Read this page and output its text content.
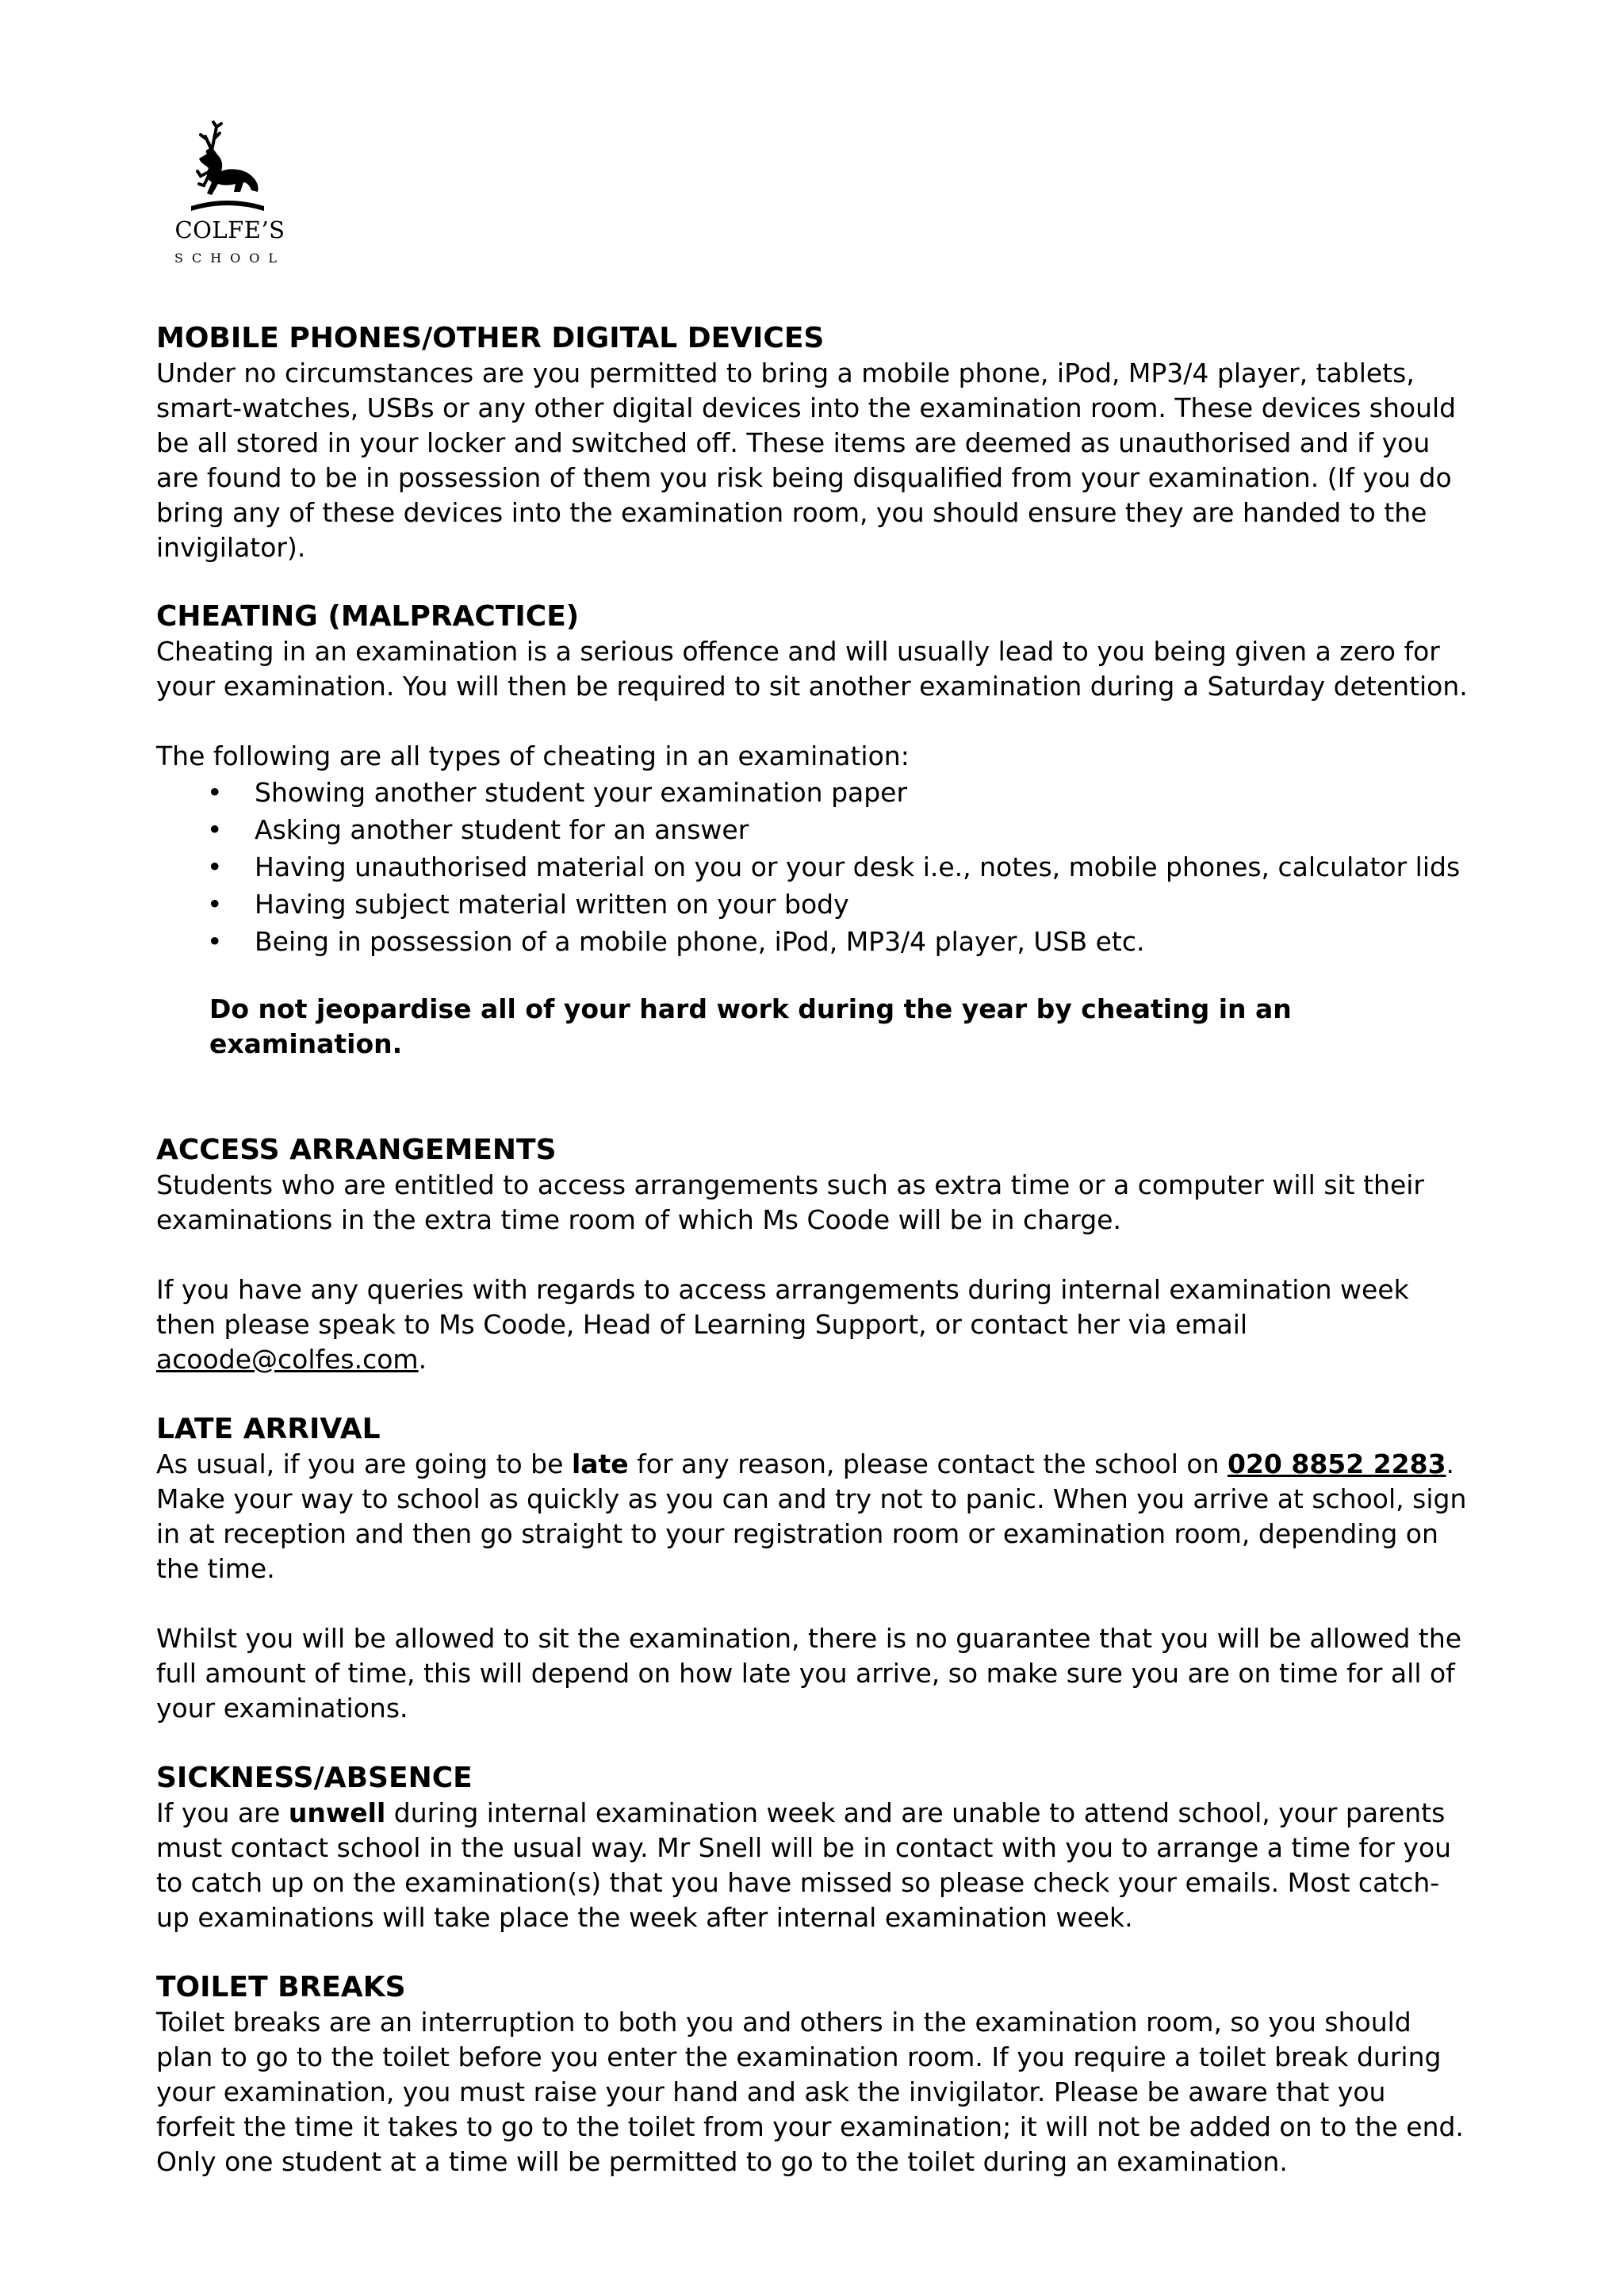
COLFE’S
SCHOOL
MOBILE PHONES/OTHER DIGITAL DEVICES

Under no circumstances are you permitted to bring a mobile phone, iPod, MP3/4 player, tablets, smart-watches, USBs or any other digital devices into the examination room. These devices should be all stored in your locker and switched off. These items are deemed as unauthorised and if you are found to be in possession of them you risk being disqualified from your examination. (If you do bring any of these devices into the examination room, you should ensure they are handed to the invigilator).

CHEATING (MALPRACTICE)

Cheating in an examination is a serious offence and will usually lead to you being given a zero for your examination. You will then be required to sit another examination during a Saturday detention.

The following are all types of cheating in an examination:

• Showing another student your examination paper
• Asking another student for an answer
• Having unauthorised material on you or your desk i.e., notes, mobile phones, calculator lids
• Having subject material written on your body
• Being in possession of a mobile phone, iPod, MP3/4 player, USB etc.

Do not jeopardise all of your hard work during the year by cheating in an examination.

ACCESS ARRANGEMENTS

Students who are entitled to access arrangements such as extra time or a computer will sit their examinations in the extra time room of which Ms Coode will be in charge.

If you have any queries with regards to access arrangements during internal examination week then please speak to Ms Coode, Head of Learning Support, or contact her via email acoode@colfes.com.

LATE ARRIVAL

As usual, if you are going to be late for any reason, please contact the school on 020 8852 2283. Make your way to school as quickly as you can and try not to panic. When you arrive at school, sign in at reception and then go straight to your registration room or examination room, depending on the time.

Whilst you will be allowed to sit the examination, there is no guarantee that you will be allowed the full amount of time, this will depend on how late you arrive, so make sure you are on time for all of your examinations.

SICKNESS/ABSENCE

If you are unwell during internal examination week and are unable to attend school, your parents must contact school in the usual way. Mr Snell will be in contact with you to arrange a time for you to catch up on the examination(s) that you have missed so please check your emails. Most catch-up examinations will take place the week after internal examination week.

TOILET BREAKS

Toilet breaks are an interruption to both you and others in the examination room, so you should plan to go to the toilet before you enter the examination room. If you require a toilet break during your examination, you must raise your hand and ask the invigilator. Please be aware that you forfeit the time it takes to go to the toilet from your examination; it will not be added on to the end. Only one student at a time will be permitted to go to the toilet during an examination.
